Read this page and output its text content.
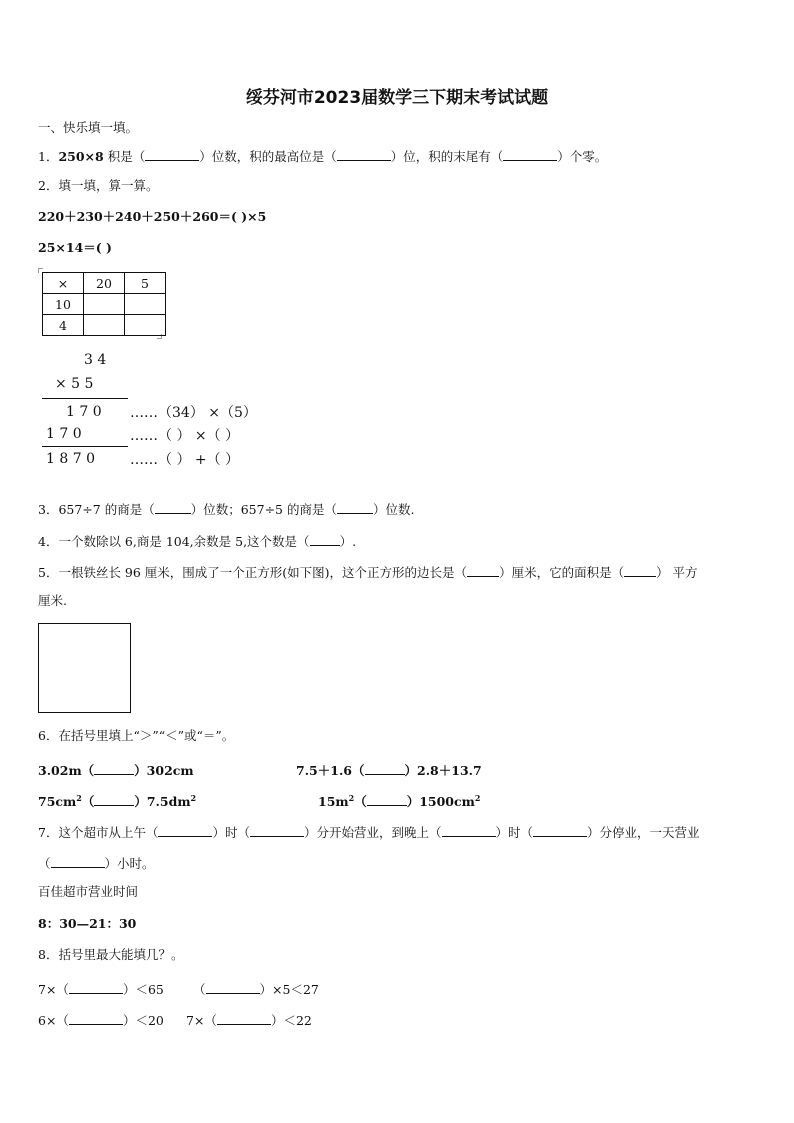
绥芬河市2023届数学三下期末考试试题
一、快乐填一填。
1．250×8 积是（	）位数，积的最高位是（	）位，积的末尾有（	）个零。
2．填一填，算一算。
220＋230＋240＋250＋260＝( )×5
25×14＝( )
×	20	5
10		
4		
3 4
× 5 5
1 7 0
1 7 0
1 8 7 0
……（34） ×（5）
……（ ） ×（ ）
……（ ） +（ ）
3．657÷7 的商是（	）位数；657÷5 的商是（	）位数.
4．一个数除以 6,商是 104,余数是 5,这个数是（ ）.
5．一根铁丝长 96 厘米，围成了一个正方形(如下图)，这个正方形的边长是（	）厘米，它的面积是（	） 平方
厘米.
6．在括号里填上“＞”“＜”或“＝”。
3.02m（	）302cm	7.5＋1.6（	）2.8＋13.7
$75cm^2$（	）$7.5dm^2$	$15m^2$（	）$1500cm^2$
7．这个超市从上午（	）时（	）分开始营业，到晚上（	）时（	）分停业，一天营业
（	）小时。
百佳超市营业时间
8：30—21：30
8．括号里最大能填几？。
7×（	）＜65 （	）×5＜27
6×（	）＜20 7×（	）＜22
